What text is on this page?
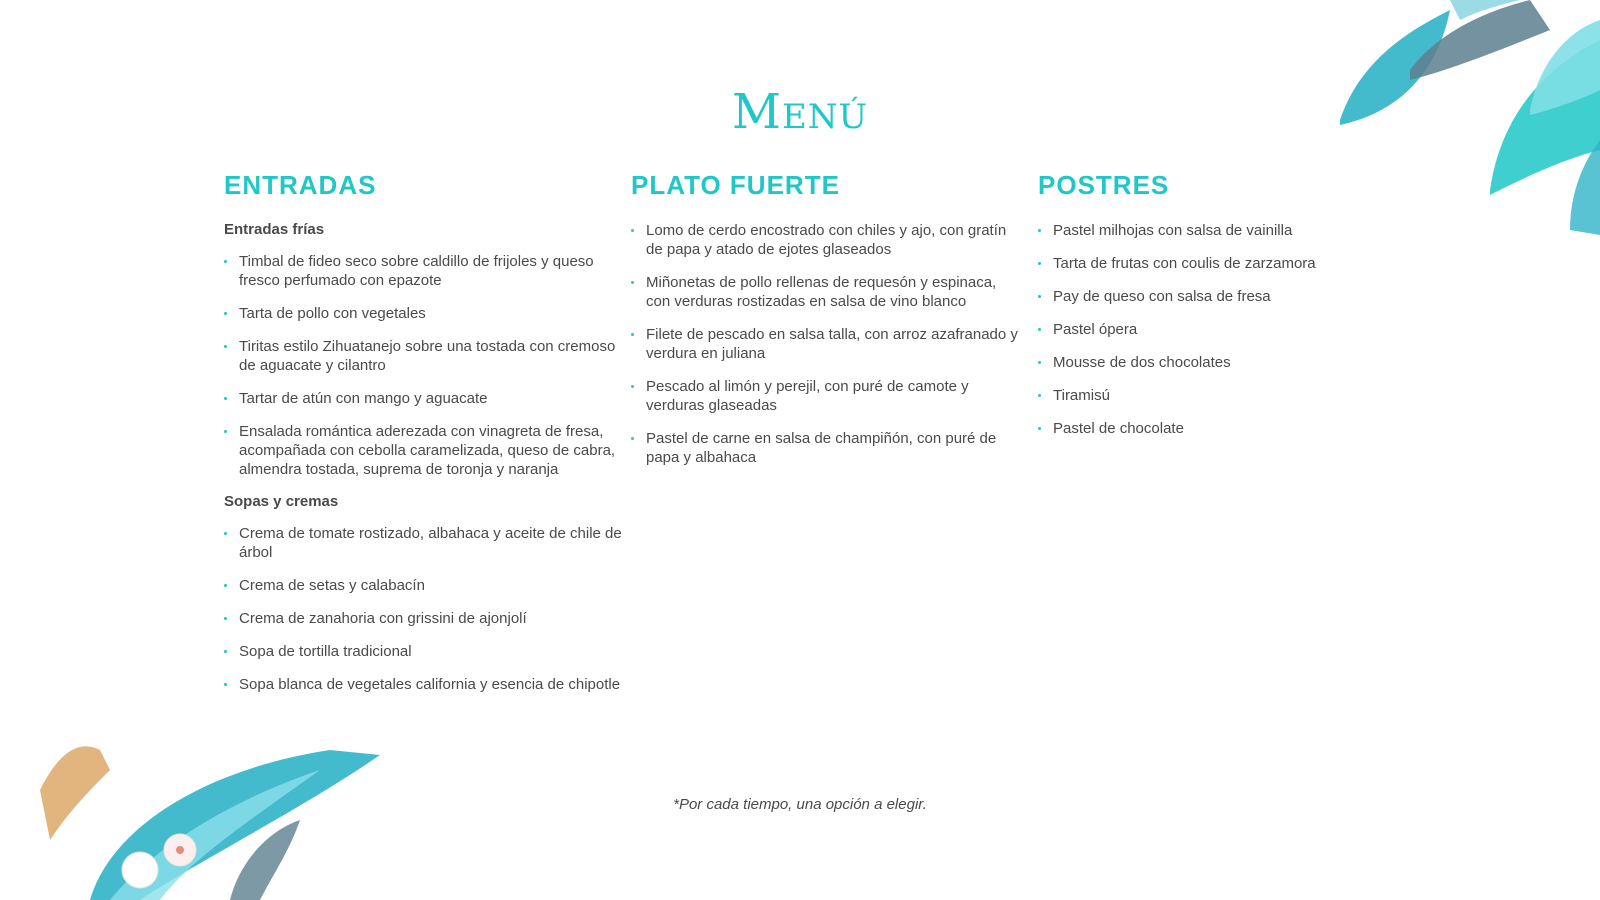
Menú
ENTRADAS
Entradas frías
Timbal de fideo seco sobre caldillo de frijoles y queso fresco perfumado con epazote
Tarta de pollo con vegetales
Tiritas estilo Zihuatanejo sobre una tostada con cremoso de aguacate y cilantro
Tartar de atún con mango y aguacate
Ensalada romántica aderezada con vinagreta de fresa, acompañada con cebolla caramelizada, queso de cabra, almendra tostada, suprema de toronja y naranja
Sopas y cremas
Crema de tomate rostizado, albahaca y aceite de chile de árbol
Crema de setas y calabacín
Crema de zanahoria con grissini de ajonjolí
Sopa de tortilla tradicional
Sopa blanca de vegetales california y esencia de chipotle
PLATO FUERTE
Lomo de cerdo encostrado con chiles y ajo, con gratín de papa y atado de ejotes glaseados
Miñonetas de pollo rellenas de requesón y espinaca, con verduras rostizadas en salsa de vino blanco
Filete de pescado en salsa talla, con arroz azafranado y verdura en juliana
Pescado al limón y perejil, con puré de camote y verduras glaseadas
Pastel de carne en salsa de champiñón, con puré de papa y albahaca
POSTRES
Pastel milhojas con salsa de vainilla
Tarta de frutas con coulis de zarzamora
Pay de queso con salsa de fresa
Pastel ópera
Mousse de dos chocolates
Tiramisú
Pastel de chocolate
*Por cada tiempo, una opción a elegir.
